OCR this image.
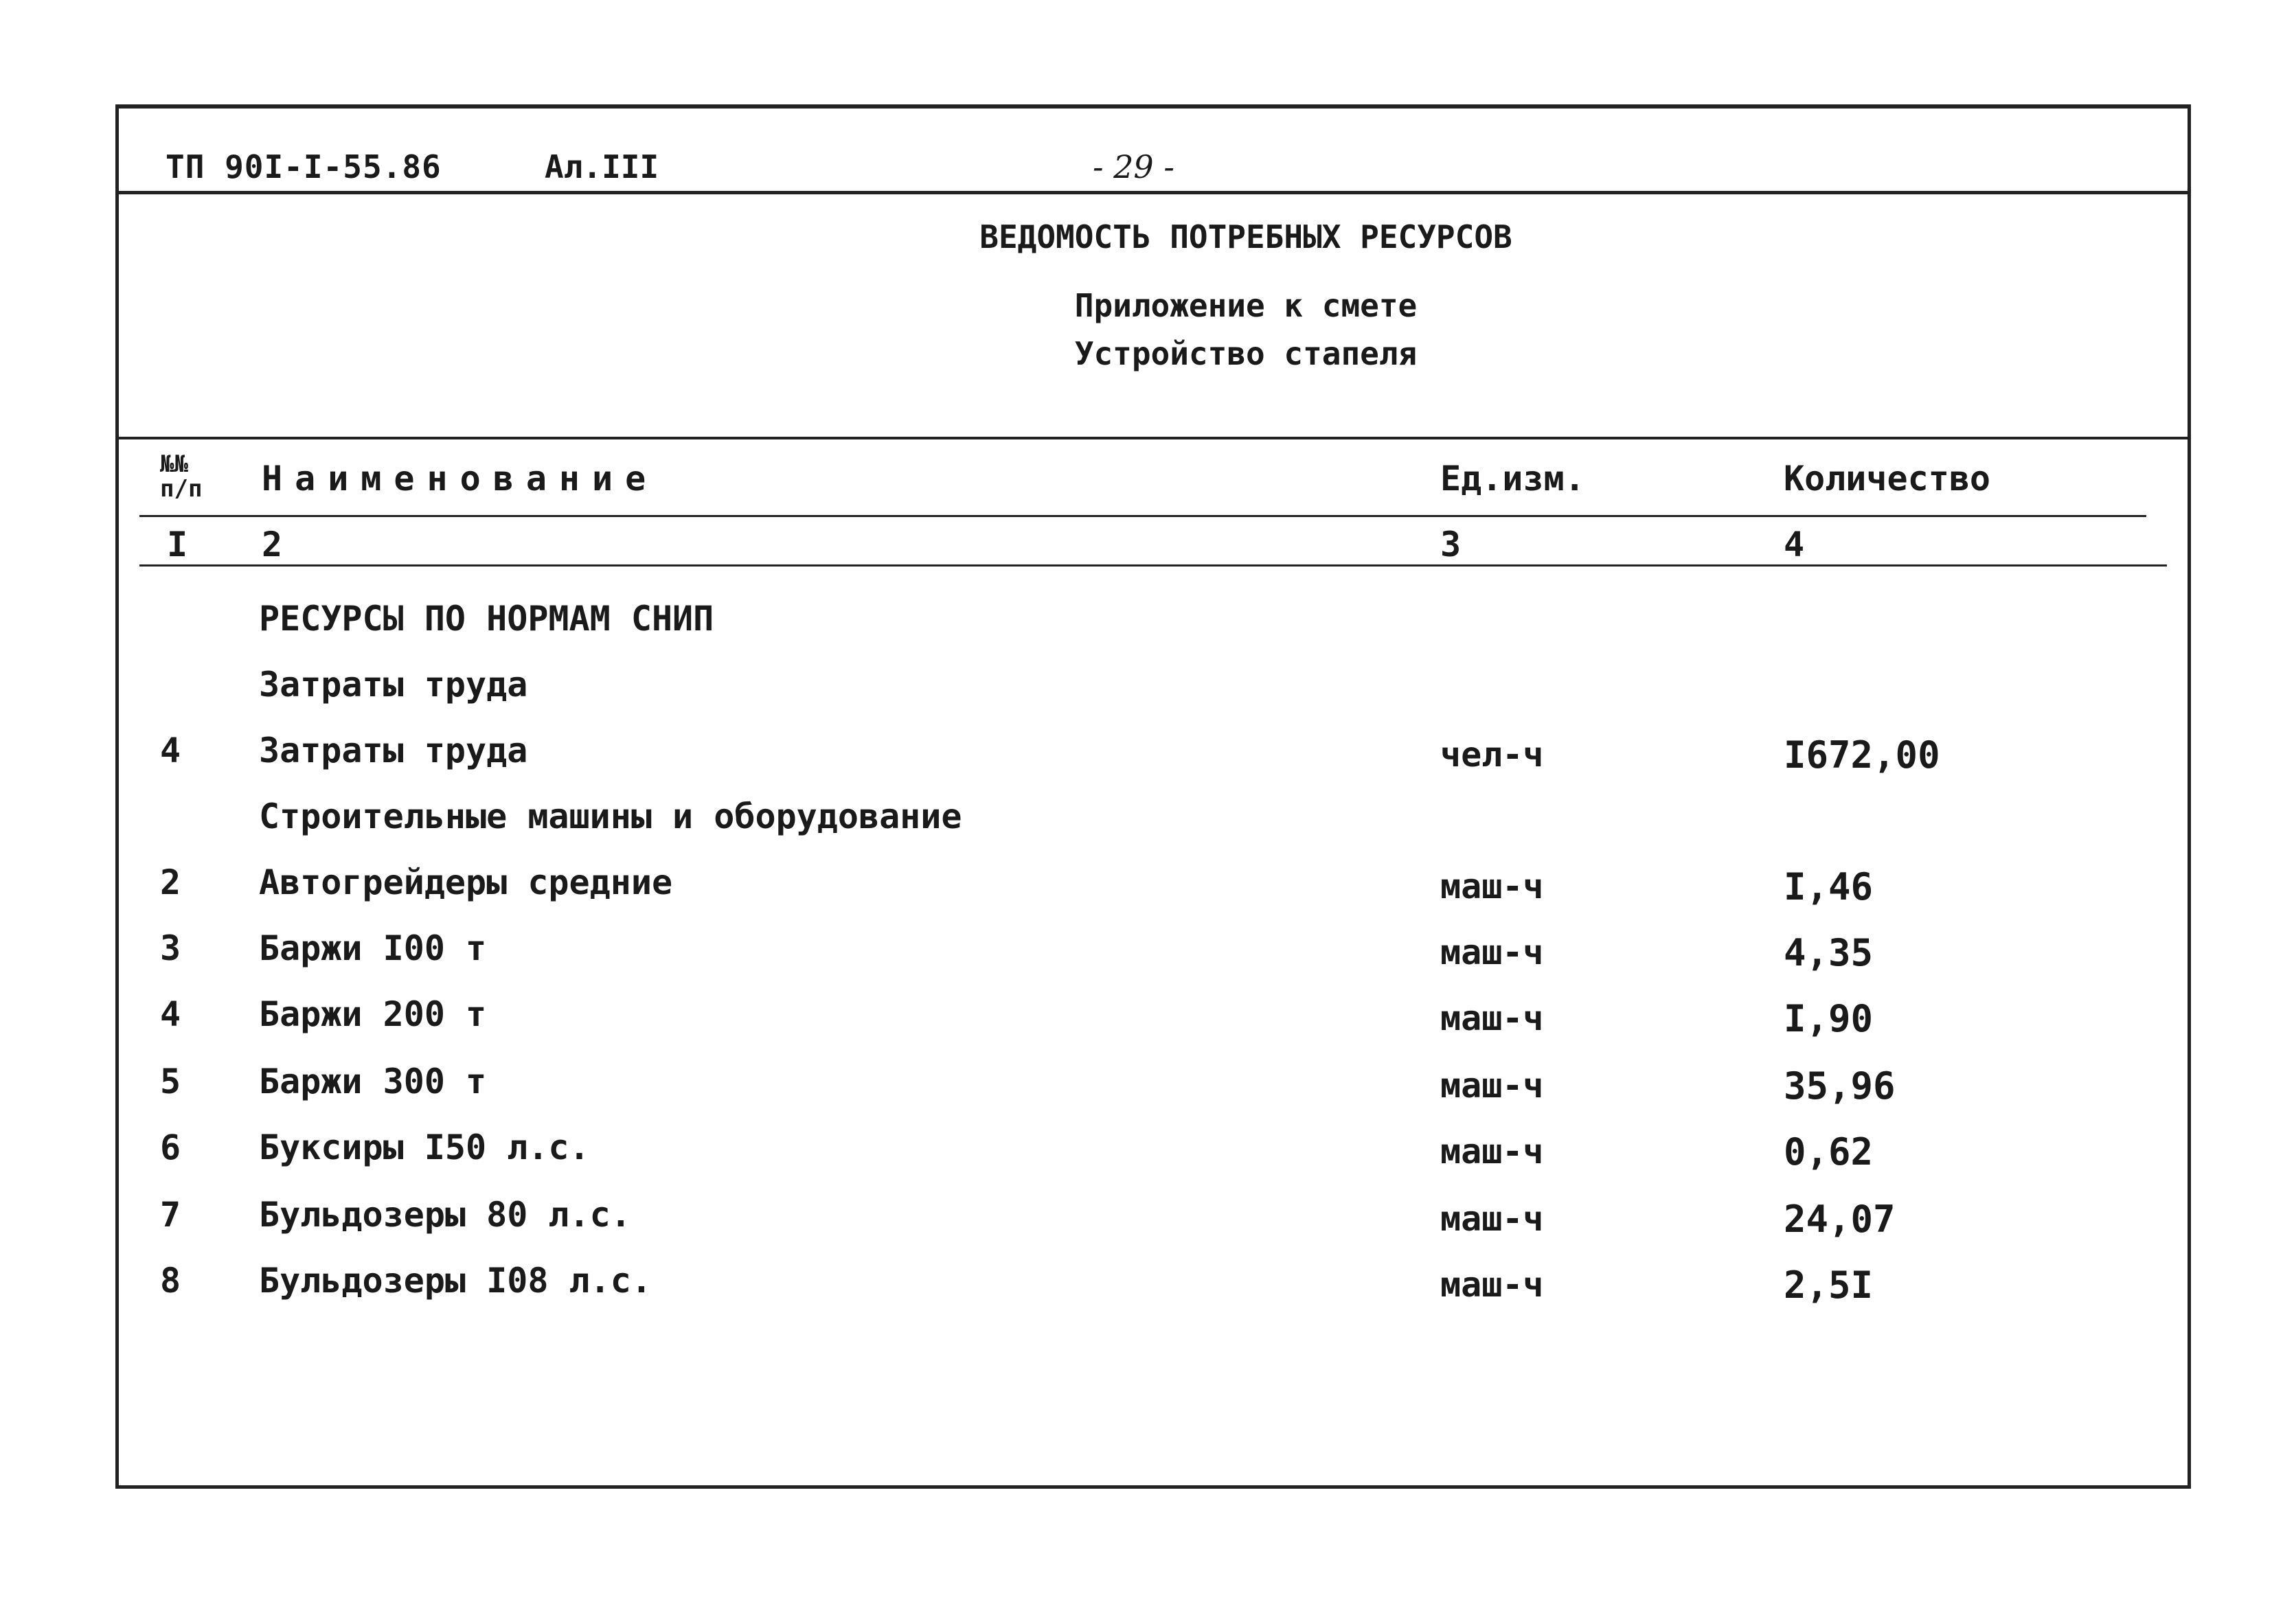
ТП 90I-I-55.86	Ал.III	- 29 -
ВЕДОМОСТЬ ПОТРЕБНЫХ РЕСУРСОВ
Приложение к смете
Устройство стапеля
№№ п/п	Наименование	Ед.изм.	Количество
I 2	3	4
РЕСУРСЫ ПО НОРМАМ СНИП
Затраты труда
4 Затраты труда	чел-ч	I672,00
Строительные машины и оборудование
2 Автогрейдеры средние	маш-ч	I,46
3 Баржи I00 т	маш-ч	4,35
4 Баржи 200 т	маш-ч	I,90
5 Баржи 300 т	маш-ч	35,96
6 Буксиры I50 л.с.	маш-ч	0,62
7 Бульдозеры 80 л.с.	маш-ч	24,07
8 Бульдозеры I08 л.с.	маш-ч	2,5I
